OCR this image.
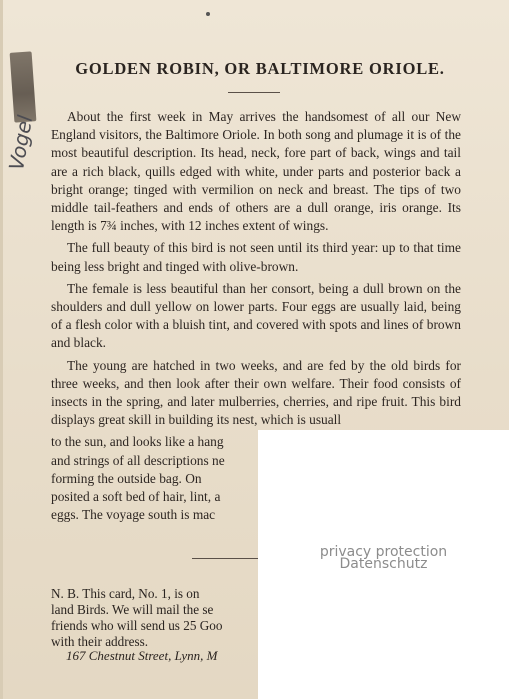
Vogel
GOLDEN ROBIN, OR BALTIMORE ORIOLE.

About the first week in May arrives the handsomest of all our New England visitors, the Baltimore Oriole. In both song and plumage it is of the most beautiful description. Its head, neck, fore part of back, wings and tail are a rich black, quills edged with white, under parts and posterior back a bright orange; tinged with vermilion on neck and breast. The tips of two middle tail-feathers and ends of others are a dull orange, iris orange. Its length is 7¾ inches, with 12 inches extent of wings.

The full beauty of this bird is not seen until its third year: up to that time being less bright and tinged with olive-brown.

The female is less beautiful than her consort, being a dull brown on the shoulders and dull yellow on lower parts. Four eggs are usually laid, being of a flesh color with a bluish tint, and covered with spots and lines of brown and black.

The young are hatched in two weeks, and are fed by the old birds for three weeks, and then look after their own welfare. Their food consists of insects in the spring, and later mulberries, cherries, and ripe fruit. This bird displays great skill in building its nest, which is usuall

to the sun, and looks like a hang
and strings of all descriptions ne
forming the outside bag. On
posited a soft bed of hair, lint, a
eggs. The voyage south is mac

N. B. This card, No. 1, is on

land Birds. We will mail the se

friends who will send us 25 Goo

with their address.

167 Chestnut Street, Lynn, M
privacy protection
Datenschutz
